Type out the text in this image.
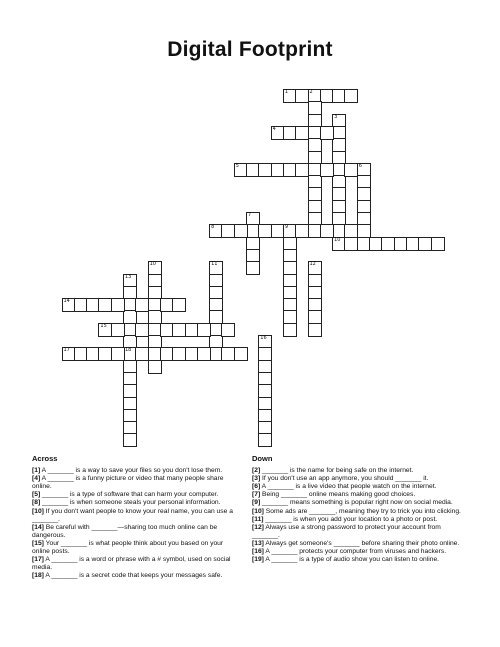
Digital Footprint
1	2
3
4
5	6
7
8	9
10
10	11	12
13
18
14
15
16
17
Across

[1] A _______ is a way to save your files so you don't lose them.

[4] A _______ is a funny picture or video that many people share online.

[5] _______ is a type of software that can harm your computer.

[8] _______ is when someone steals your personal information.

[10] If you don't want people to know your real name, you can use a _______.

[14] Be careful with _______—sharing too much online can be dangerous.

[15] Your _______ is what people think about you based on your online posts.

[17] A _______ is a word or phrase with a # symbol, used on social media.

[18] A _______ is a secret code that keeps your messages safe.

Down

[2] _______ is the name for being safe on the internet.

[3] If you don't use an app anymore, you should _______ it.

[6] A _______ is a live video that people watch on the internet.

[7] Being _______ online means making good choices.

[9] _______ means something is popular right now on social media.

[10] Some ads are _______, meaning they try to trick you into clicking.

[11] _______ is when you add your location to a photo or post.

[12] Always use a strong password to protect your account from _______.

[13] Always get someone's _______ before sharing their photo online.

[16] A _______ protects your computer from viruses and hackers.

[19] A _______ is a type of audio show you can listen to online.
